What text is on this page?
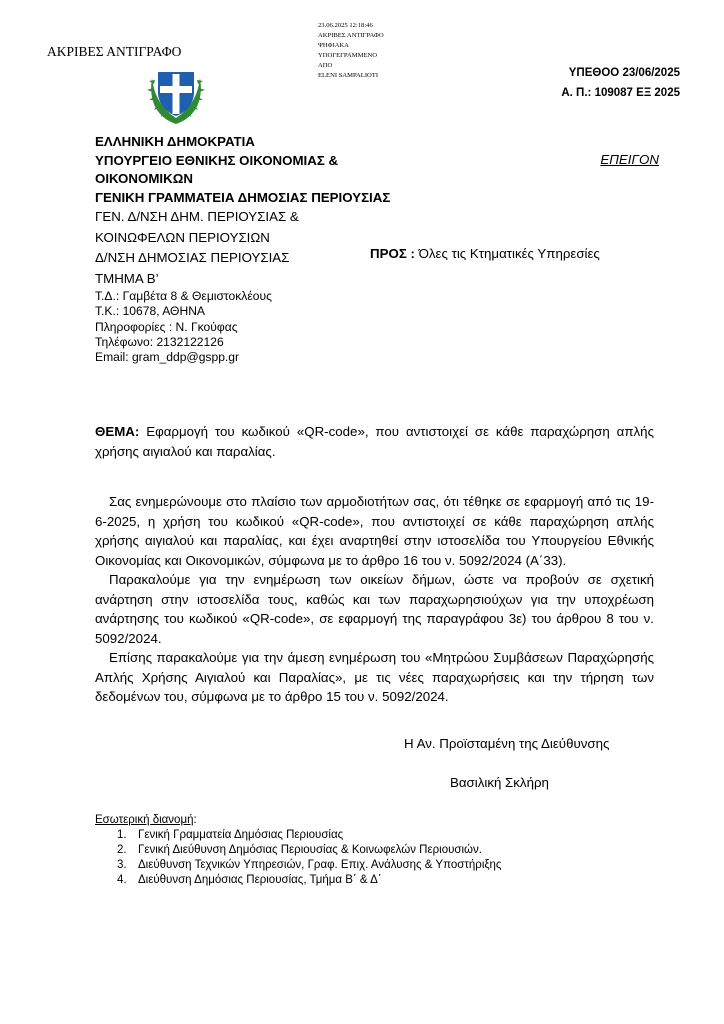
ΑΚΡΙΒΕΣ ΑΝΤΙΓΡΑΦΟ
23.06.2025 12:18:46
ΑΚΡΙΒΕΣ ΑΝΤΙΓΡΑΦΟ
ΨΗΦΙΑΚΑ
ΥΠΟΓΕΓΡΑΜΜΕΝΟ
ΑΠΟ
ELENI SAMPALIOTI	ΥΠΕΘΟΟ 23/06/2025
Α. Π.: 109087 ΕΞ 2025
ΕΛΛΗΝΙΚΗ ΔΗΜΟΚΡΑΤΙΑ
ΥΠΟΥΡΓΕΙΟ ΕΘΝΙΚΗΣ ΟΙΚΟΝΟΜΙΑΣ &
ΟΙΚΟΝΟΜΙΚΩΝ
ΓΕΝΙΚΗ ΓΡΑΜΜΑΤΕΙΑ ΔΗΜΟΣΙΑΣ ΠΕΡΙΟΥΣΙΑΣ
ΓΕΝ. Δ/ΝΣΗ ΔΗΜ. ΠΕΡΙΟΥΣΙΑΣ &
ΚΟΙΝΩΦΕΛΩΝ ΠΕΡΙΟΥΣΙΩΝ
Δ/ΝΣΗ ΔΗΜΟΣΙΑΣ ΠΕΡΙΟΥΣΙΑΣ
ΤΜΗΜΑ Β’
ΕΠΕΙΓΟΝ
ΠΡΟΣ : Όλες τις Κτηματικές Υπηρεσίες
Τ.Δ.: Γαμβέτα 8 & Θεμιστοκλέους
Τ.Κ.: 10678, ΑΘΗΝΑ
Πληροφορίες : Ν. Γκούφας
Τηλέφωνο: 2132122126
Email: gram_ddp@gspp.gr
ΘΕΜΑ: Εφαρμογή του κωδικού «QR-code», που αντιστοιχεί σε κάθε παραχώρηση απλής χρήσης αιγιαλού και παραλίας.

Σας ενημερώνουμε στο πλαίσιο των αρμοδιοτήτων σας, ότι τέθηκε σε εφαρμογή από τις 19-6-2025, η χρήση του κωδικού «QR-code», που αντιστοιχεί σε κάθε παραχώρηση απλής χρήσης αιγιαλού και παραλίας, και έχει αναρτηθεί στην ιστοσελίδα του Υπουργείου Εθνικής Οικονομίας και Οικονομικών, σύμφωνα με το άρθρο 16 του ν. 5092/2024 (Α΄33).

Παρακαλούμε για την ενημέρωση των οικείων δήμων, ώστε να προβούν σε σχετική ανάρτηση στην ιστοσελίδα τους, καθώς και των παραχωρησιούχων για την υποχρέωση ανάρτησης του κωδικού «QR-code», σε εφαρμογή της παραγράφου 3ε) του άρθρου 8 του ν. 5092/2024.

Επίσης παρακαλούμε για την άμεση ενημέρωση του «Μητρώου Συμβάσεων Παραχώρησής Απλής Χρήσης Αιγιαλού και Παραλίας», με τις νέες παραχωρήσεις και την τήρηση των δεδομένων του, σύμφωνα με το άρθρο 15 του ν. 5092/2024.

Η Αν. Προϊσταμένη της Διεύθυνσης
Βασιλική Σκλήρη
Εσωτερική διανομή:
1. Γενική Γραμματεία Δημόσιας Περιουσίας
2. Γενική Διεύθυνση Δημόσιας Περιουσίας & Κοινωφελών Περιουσιών.
3. Διεύθυνση Τεχνικών Υπηρεσιών, Γραφ. Επιχ. Ανάλυσης & Υποστήριξης
4. Διεύθυνση Δημόσιας Περιουσίας, Τμήμα Β΄ & Δ΄
